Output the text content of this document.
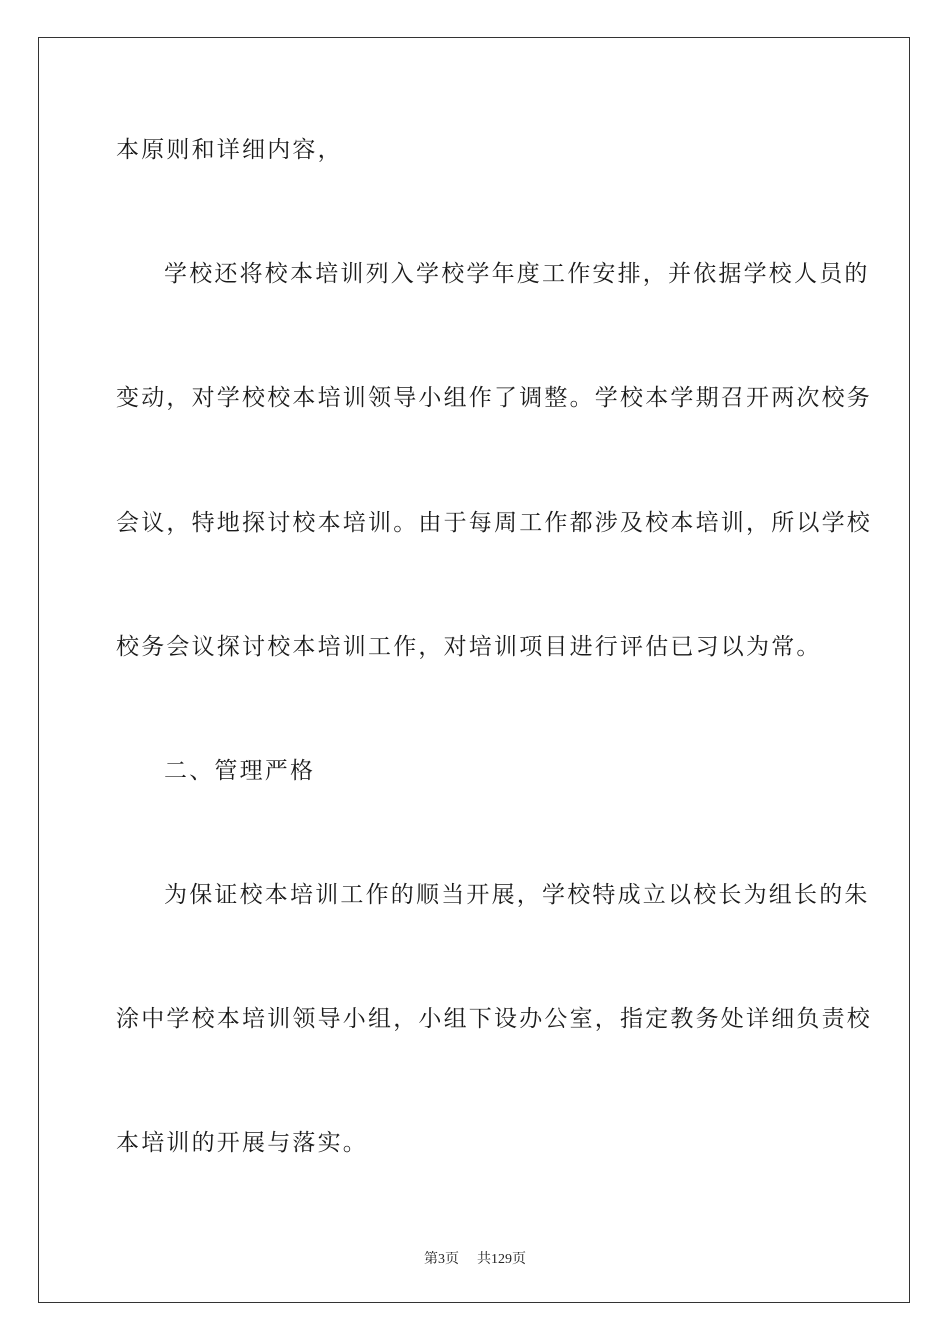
本原则和详细内容，
学校还将校本培训列入学校学年度工作安排，并依据学校人员的
变动，对学校校本培训领导小组作了调整。学校本学期召开两次校务
会议，特地探讨校本培训。由于每周工作都涉及校本培训，所以学校
校务会议探讨校本培训工作，对培训项目进行评估已习以为常。
二、管理严格
为保证校本培训工作的顺当开展，学校特成立以校长为组长的朱
涂中学校本培训领导小组，小组下设办公室，指定教务处详细负责校
本培训的开展与落实。
第3页 共129页
